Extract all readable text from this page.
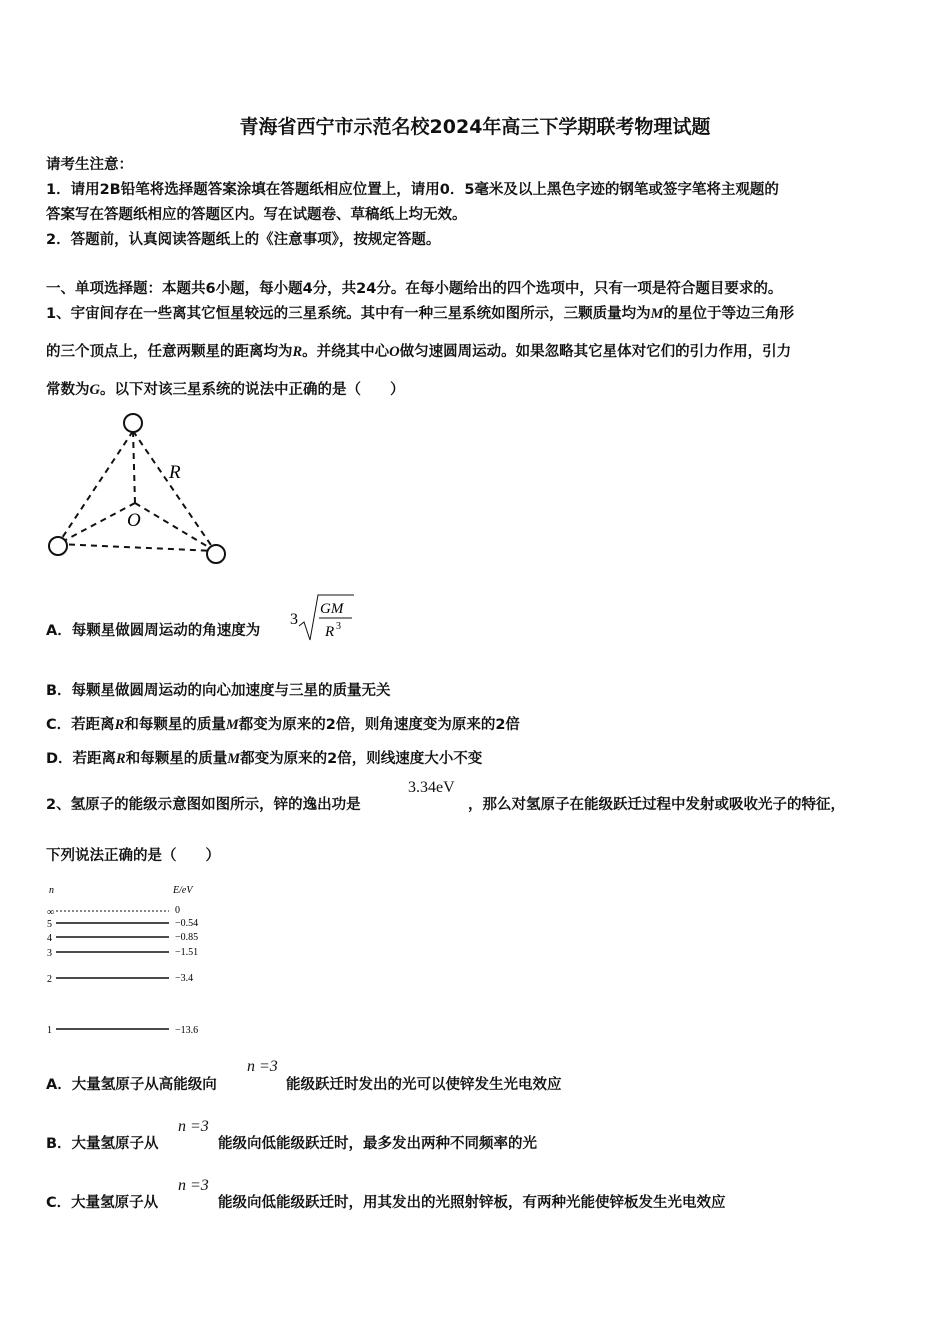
青海省西宁市示范名校2024年高三下学期联考物理试题
请考生注意：
1．请用2B铅笔将选择题答案涂填在答题纸相应位置上，请用0．5毫米及以上黑色字迹的钢笔或签字笔将主观题的
答案写在答题纸相应的答题区内。写在试题卷、草稿纸上均无效。
2．答题前，认真阅读答题纸上的《注意事项》，按规定答题。
一、单项选择题：本题共6小题，每小题4分，共24分。在每小题给出的四个选项中，只有一项是符合题目要求的。
1、宇宙间存在一些离其它恒星较远的三星系统。其中有一种三星系统如图所示，三颗质量均为M的星位于等边三角形
的三个顶点上，任意两颗星的距离均为R。并绕其中心O做匀速圆周运动。如果忽略其它星体对它们的引力作用，引力
常数为G。以下对该三星系统的说法中正确的是（　　）
R
O
A．每颗星做圆周运动的角速度为
3
GM
R 3
B．每颗星做圆周运动的向心加速度与三星的质量无关
C．若距离R和每颗星的质量M都变为原来的2倍，则角速度变为原来的2倍
D．若距离R和每颗星的质量M都变为原来的2倍，则线速度大小不变
2、氢原子的能级示意图如图所示，锌的逸出功是
3.34eV
，那么对氢原子在能级跃迁过程中发射或吸收光子的特征，
下列说法正确的是（　　）
n	E/eV
∞	0
5	−0.54
4	−0.85
3	−1.51
2	−3.4
1	−13.6
A．大量氢原子从高能级向
n =3
能级跃迁时发出的光可以使锌发生光电效应
B．大量氢原子从
n =3
能级向低能级跃迁时，最多发出两种不同频率的光
C．大量氢原子从
n =3
能级向低能级跃迁时，用其发出的光照射锌板，有两种光能使锌板发生光电效应
